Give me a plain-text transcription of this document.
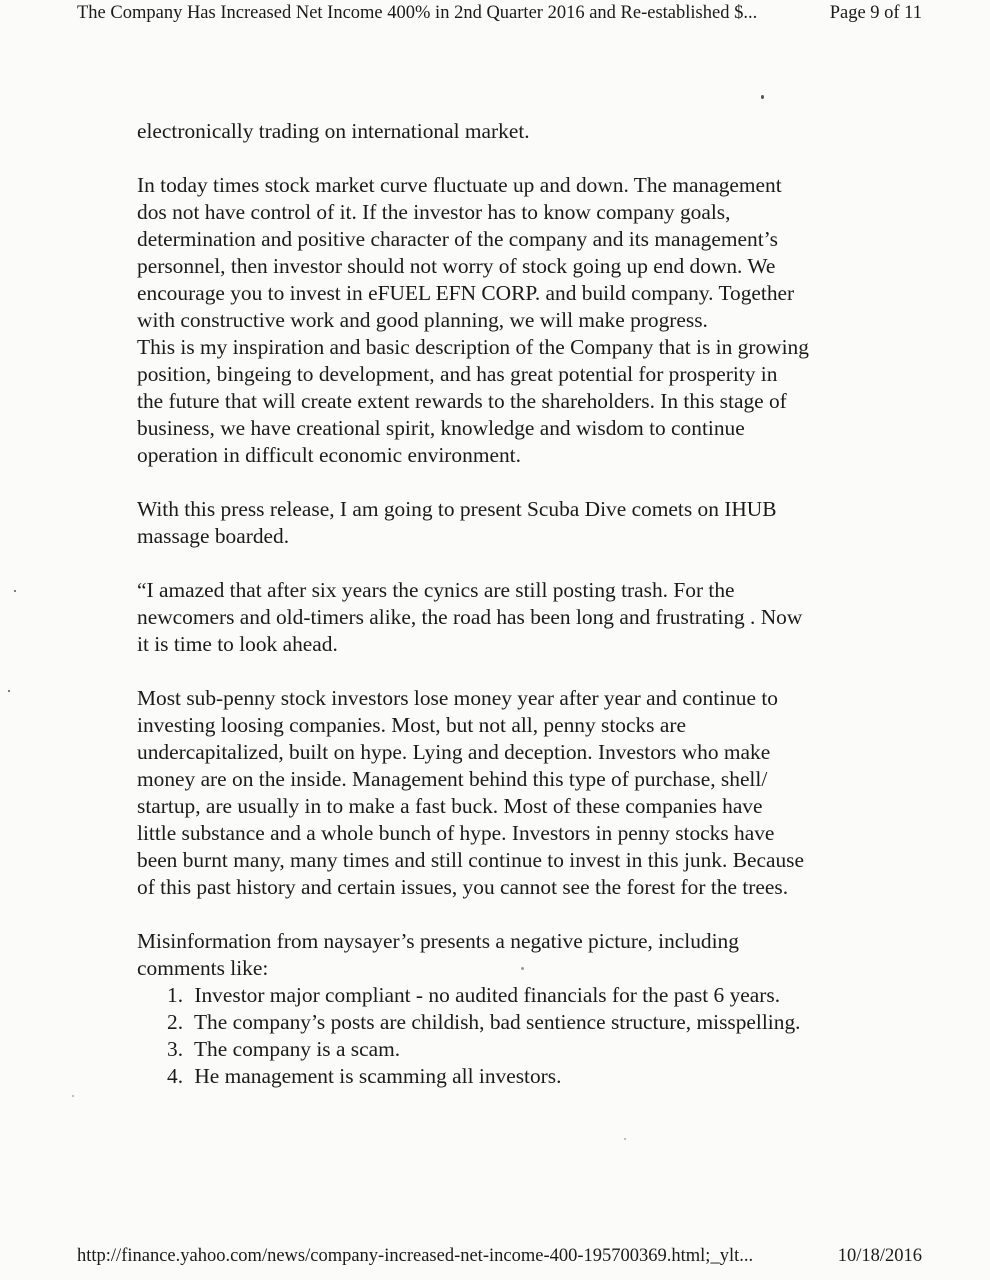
The Company Has Increased Net Income 400% in 2nd Quarter 2016 and Re-established $...	Page 9 of 11
electronically trading on international market.
In today times stock market curve fluctuate up and down. The management
dos not have control of it. If the investor has to know company goals,
determination and positive character of the company and its management’s
personnel, then investor should not worry of stock going up end down. We
encourage you to invest in eFUEL EFN CORP. and build company. Together
with constructive work and good planning, we will make progress.
This is my inspiration and basic description of the Company that is in growing
position, bingeing to development, and has great potential for prosperity in
the future that will create extent rewards to the shareholders. In this stage of
business, we have creational spirit, knowledge and wisdom to continue
operation in difficult economic environment.
With this press release, I am going to present Scuba Dive comets on IHUB
massage boarded.
“I amazed that after six years the cynics are still posting trash. For the
newcomers and old-timers alike, the road has been long and frustrating . Now
it is time to look ahead.
Most sub-penny stock investors lose money year after year and continue to
investing loosing companies. Most, but not all, penny stocks are
undercapitalized, built on hype. Lying and deception. Investors who make
money are on the inside. Management behind this type of purchase, shell/
startup, are usually in to make a fast buck. Most of these companies have
little substance and a whole bunch of hype. Investors in penny stocks have
been burnt many, many times and still continue to invest in this junk. Because
of this past history and certain issues, you cannot see the forest for the trees.
Misinformation from naysayer’s presents a negative picture, including
comments like:
1. Investor major compliant - no audited financials for the past 6 years.
2. The company’s posts are childish, bad sentience structure, misspelling.
3. The company is a scam.
4. He management is scamming all investors.
http://finance.yahoo.com/news/company-increased-net-income-400-195700369.html;_ylt...	10/18/2016
